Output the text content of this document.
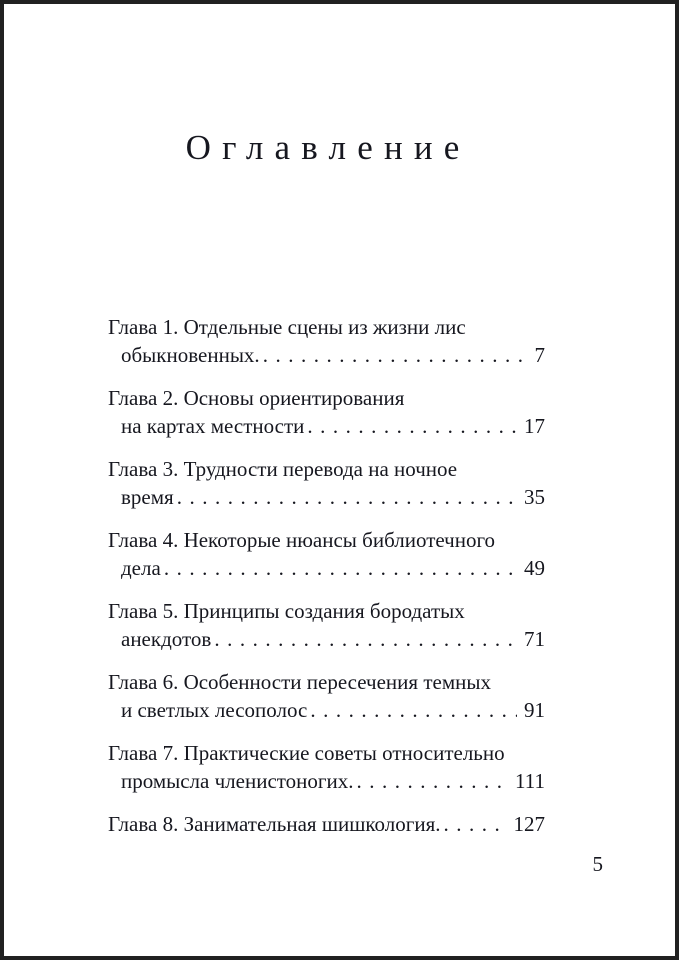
Оглавление
Глава 1. Отдельные сцены из жизни лис
обыкновенных. .....	7
Глава 2. Основы ориентирования
на картах местности .....	17
Глава 3. Трудности перевода на ночное
время .....	35
Глава 4. Некоторые нюансы библиотечного
дела .....	49
Глава 5. Принципы создания бородатых
анекдотов .....	71
Глава 6. Особенности пересечения темных
и светлых лесополос .....	91
Глава 7. Практические советы относительно
промысла членистоногих. .....	111
Глава 8. Занимательная шишкология. .....	127
5
